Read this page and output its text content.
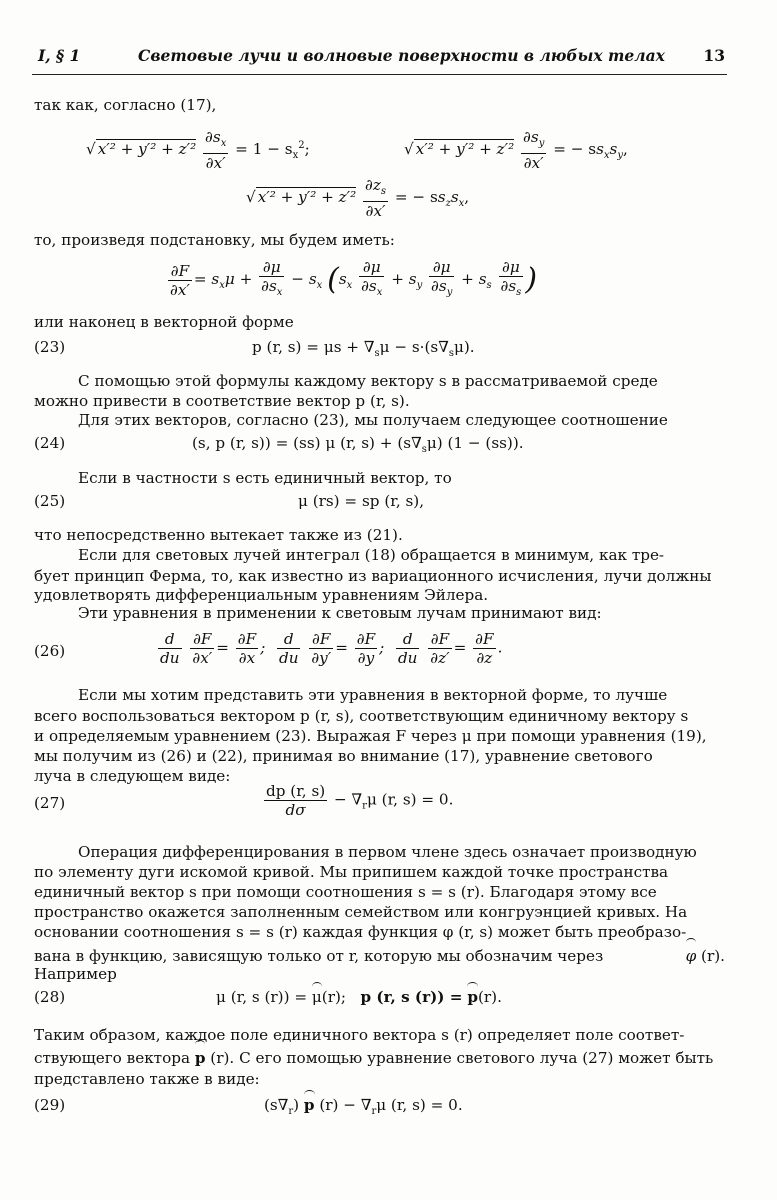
I, § 1	Световые лучи и волновые поверхности в любых телах 13
так как, согласно (17),
√ $x'^2 + y'^2 + z'^2 \frac{\partial s_x}{\partial x'} = 1 - s_x^2$;	√ $x'^2 + y'^2 + z'^2 \frac{\partial s_y}{\partial x'}$ = − $ss_xs_y$,
√ $x'^2 + y'^2 + z'^2 \frac{\partial z_s}{\partial x'}$ = − $ss_zs_x$,
то, произведя подстановку, мы будем иметь:
$\frac{\partial F}{\partial x'} = s_x\mu + \frac{\partial\mu}{\partial s_x} - s_x$ ($s_x \frac{\partial\mu}{\partial s_x} + s_y \frac{\partial\mu}{\partial s_y} + s_s \frac{\partial\mu}{\partial s_s}$ )
или наконец в векторной форме
(23)	p (r, $s) = \mu s + \nabla_s\mu - s\cdot(s\nabla_s\mu)$.
С помощью этой формулы каждому вектору s в рассматриваемой среде
можно привести в соответствие вектор p (r, s).
Для этих векторов, согласно (23), мы получаем следующее соотношение
(24)	(s, p (r, s)) = (ss) μ (r, $s) + (s\nabla_s\mu) (1 - (ss))$.
Если в частности s есть единичный вектор, то
(25)	μ (rs) = sp (r, s),
что непосредственно вытекает также из (21).
Если для световых лучей интеграл (18) обращается в минимум, как тре-
бует принцип Ферма, то, как известно из вариационного исчисления, лучи должны
удовлетворять дифференциальным уравнениям Эйлера.
Эти уравнения в применении к световым лучам принимают вид:
(26)	$\frac{d}{du}$
$\frac{\partial F}{\partial x'} = \frac{\partial F}{\partial x}$ ; $\frac{d}{du}$
$\frac{\partial F}{\partial y'} = \frac{\partial F}{\partial y}$ ; $\frac{d}{du}$
$\frac{\partial F}{\partial z'} = \frac{\partial F}{\partial z}$ .
Если мы хотим представить эти уравнения в векторной форме, то лучше
всего воспользоваться вектором p (r, s), соответствующим единичному вектору s
и определяемым уравнением (23). Выражая F через μ при помощи уравнения (19),
мы получим из (26) и (22), принимая во внимание (17), уравнение светового
луча в следующем виде:
(27)	$\frac{dp (r, s)}{d\sigma} - \nabla_r\mu$ (r, s) = 0.
Операция дифференцирования в первом члене здесь означает производную
по элементу дуги искомой кривой. Мы припишем каждой точке пространства
единичный вектор s при помощи соотношения s = s (r). Благодаря этому все
пространство окажется заполненным семейством или конгруэнцией кривых. На
основании соотношения s = s (r) каждая функция φ (r, s) может быть преобразо-
вана в функцию, зависящую только от r, которую мы обозначим через	φ (r).
Например
(28)	μ (r, s (r)) = μ(r); p (r, s (r)) = p(r).
Таким образом, каждое поле единичного вектора s (r) определяет поле соответ-
ствующего вектора p (r). С его помощью уравнение светового луча (27) может быть
представлено также в виде:
(29)	$(s\nabla_r)$ p $(r) - \nabla_r\mu$ (r, s) = 0.
